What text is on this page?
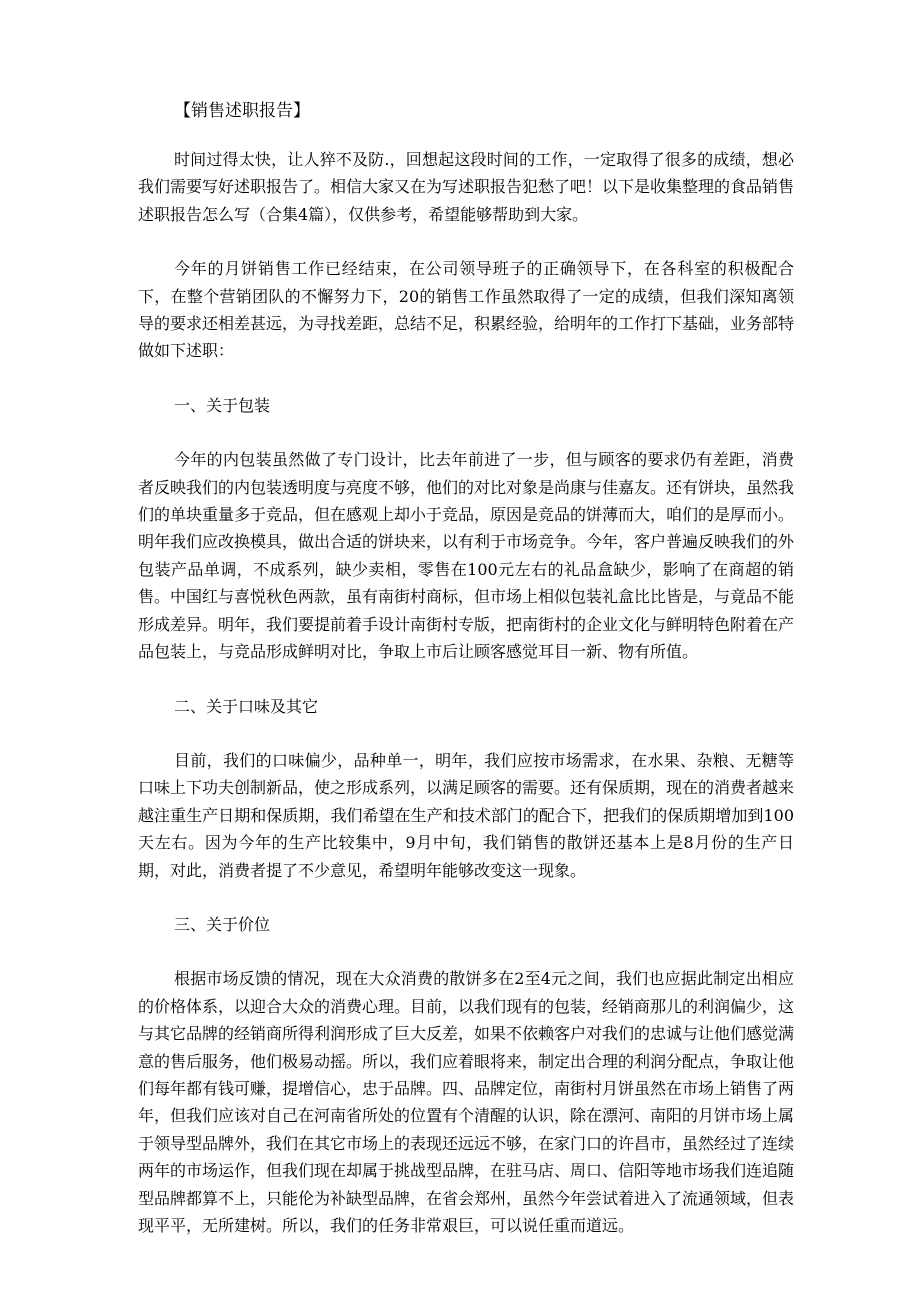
【销售述职报告】

时间过得太快，让人猝不及防.，回想起这段时间的工作，一定取得了很多的成绩，想必我们需要写好述职报告了。相信大家又在为写述职报告犯愁了吧！以下是收集整理的食品销售述职报告怎么写（合集4篇），仅供参考，希望能够帮助到大家。

今年的月饼销售工作已经结束，在公司领导班子的正确领导下，在各科室的积极配合下，在整个营销团队的不懈努力下，20的销售工作虽然取得了一定的成绩，但我们深知离领导的要求还相差甚远，为寻找差距，总结不足，积累经验，给明年的工作打下基础，业务部特做如下述职：

一、关于包装

今年的内包装虽然做了专门设计，比去年前进了一步，但与顾客的要求仍有差距，消费者反映我们的内包装透明度与亮度不够，他们的对比对象是尚康与佳嘉友。还有饼块，虽然我们的单块重量多于竞品，但在感观上却小于竞品，原因是竞品的饼薄而大，咱们的是厚而小。明年我们应改换模具，做出合适的饼块来，以有利于市场竞争。今年，客户普遍反映我们的外包装产品单调，不成系列，缺少卖相，零售在100元左右的礼品盒缺少，影响了在商超的销售。中国红与喜悦秋色两款，虽有南街村商标，但市场上相似包装礼盒比比皆是，与竟品不能形成差异。明年，我们要提前着手设计南街村专版，把南街村的企业文化与鲜明特色附着在产品包装上，与竞品形成鲜明对比，争取上市后让顾客感觉耳目一新、物有所值。

二、关于口味及其它

目前，我们的口味偏少，品种单一，明年，我们应按市场需求，在水果、杂粮、无糖等口味上下功夫创制新品，使之形成系列，以满足顾客的需要。还有保质期，现在的消费者越来越注重生产日期和保质期，我们希望在生产和技术部门的配合下，把我们的保质期增加到100天左右。因为今年的生产比较集中，9月中旬，我们销售的散饼还基本上是8月份的生产日期，对此，消费者提了不少意见，希望明年能够改变这一现象。

三、关于价位

根据市场反馈的情况，现在大众消费的散饼多在2至4元之间，我们也应据此制定出相应的价格体系，以迎合大众的消费心理。目前，以我们现有的包装，经销商那儿的利润偏少，这与其它品牌的经销商所得利润形成了巨大反差，如果不依赖客户对我们的忠诚与让他们感觉满意的售后服务，他们极易动摇。所以，我们应着眼将来，制定出合理的利润分配点，争取让他们每年都有钱可赚，提增信心，忠于品牌。四、品牌定位，南街村月饼虽然在市场上销售了两年，但我们应该对自己在河南省所处的位置有个清醒的认识，除在漂河、南阳的月饼市场上属于领导型品牌外，我们在其它市场上的表现还远远不够，在家门口的许昌市，虽然经过了连续两年的市场运作，但我们现在却属于挑战型品牌，在驻马店、周口、信阳等地市场我们连追随型品牌都算不上，只能伦为补缺型品牌，在省会郑州，虽然今年尝试着进入了流通领域，但表现平平，无所建树。所以，我们的任务非常艰巨，可以说任重而道远。
